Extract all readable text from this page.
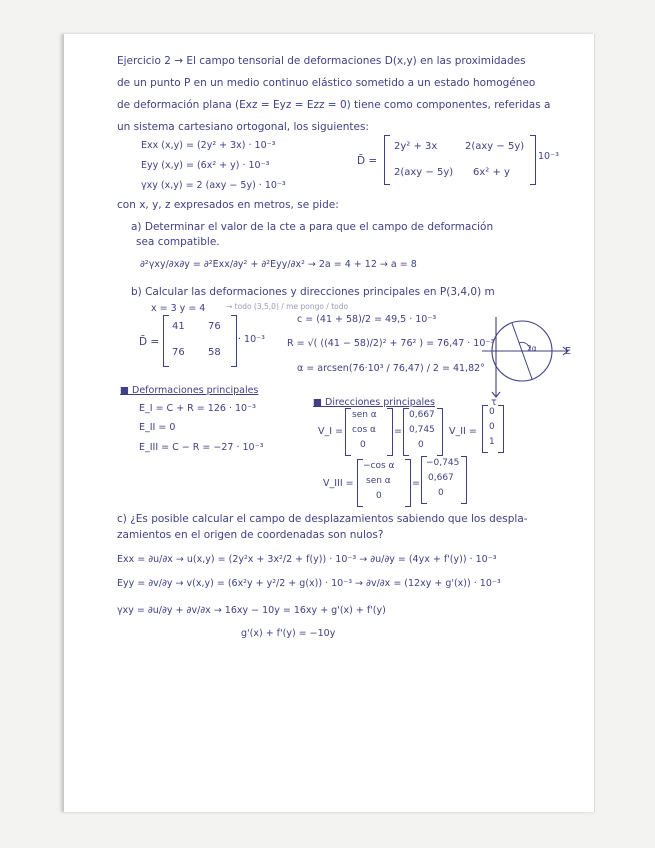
Ejercicio 2 → El campo tensorial de deformaciones D(x,y) en las proximidades
de un punto P en un medio continuo elástico sometido a un estado homogéneo
de deformación plana (Exz = Eyz = Ezz = 0) tiene como componentes, referidas a
un sistema cartesiano ortogonal, los siguientes:
Exx (x,y) = (2y² + 3x) · 10⁻³
Eyy (x,y) = (6x² + y) · 10⁻³
γxy (x,y) = 2 (axy − 5y) · 10⁻³
D̄ =
2y² + 3x	2(axy − 5y)
2(axy − 5y) 6x² + y
10⁻³
con x, y, z expresados en metros, se pide:
a) Determinar el valor de la cte a para que el campo de deformación
sea compatible.
∂²γxy/∂x∂y = ∂²Exx/∂y² + ∂²Eyy/∂x² → 2a = 4 + 12 → a = 8
b) Calcular las deformaciones y direcciones principales en P(3,4,0) m
x = 3 y = 4	→ todo (3,5,0) / me pongo / todo
D̄ =
41 76
76 58
· 10⁻³
c = (41 + 58)/2 = 49,5 · 10⁻³
R = √( ((41 − 58)/2)² + 76² ) = 76,47 · 10⁻³
α = arcsen(76·10³ / 76,47) / 2 = 41,82°
2α	E
τ
■ Deformaciones principales
E_I = C + R = 126 · 10⁻³
E_II = 0
E_III = C − R = −27 · 10⁻³
■ Direcciones principales
V_I =
sen α
cos α
0
=
0,667
0,745
0
V_II =
0
0
1
V_III =
−cos α
sen α
0
=
−0,745
0,667
0
c) ¿Es posible calcular el campo de desplazamientos sabiendo que los despla-
zamientos en el origen de coordenadas son nulos?
Exx = ∂u/∂x → u(x,y) = (2y²x + 3x²/2 + f(y)) · 10⁻³ → ∂u/∂y = (4yx + f'(y)) · 10⁻³
Eyy = ∂v/∂y → v(x,y) = (6x²y + y²/2 + g(x)) · 10⁻³ → ∂v/∂x = (12xy + g'(x)) · 10⁻³
γxy = ∂u/∂y + ∂v/∂x → 16xy − 10y = 16xy + g'(x) + f'(y)
g'(x) + f'(y) = −10y
